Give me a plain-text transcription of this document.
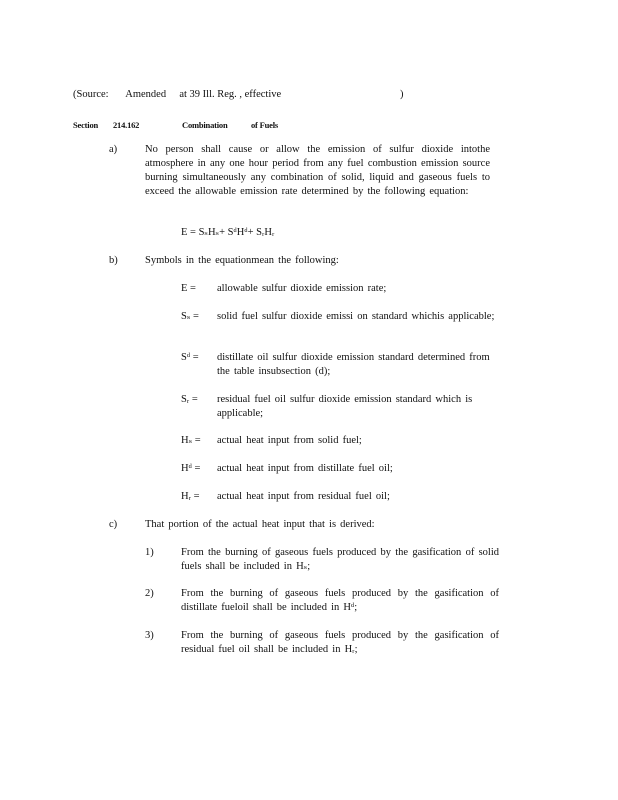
(Source: Amended at 39 Ill. Reg. , effective	)
Section 214.162	Combination	of Fuels
a)	No person shall cause or allow the emission of sulfur dioxide intothe atmosphere in any one hour period from any fuel combustion emission source burning simultaneously any combination of solid, liquid and gaseous fuels to exceed the allowable emission rate determined by the following equation:
E = SₛHₛ+ SᵈHᵈ+ SᵣHᵣ
b)	Symbols in the equationmean the following:
E = allowable sulfur dioxide emission rate;
Sₛ = solid fuel sulfur dioxide emissi on standard whichis applicable;
Sᵈ = distillate oil sulfur dioxide emission standard determined from the table insubsection (d);
Sᵣ = residual fuel oil sulfur dioxide emission standard which is applicable;
Hₛ = actual heat input from solid fuel;
Hᵈ = actual heat input from distillate fuel oil;
Hᵣ = actual heat input from residual fuel oil;
c)	That portion of the actual heat input that is derived:
1)	From the burning of gaseous fuels produced by the gasification of solid fuels shall be included in Hₛ;
2)	From the burning of gaseous fuels produced by the gasification of distillate fueloil shall be included in Hᵈ;
3)	From the burning of gaseous fuels produced by the gasification of residual fuel oil shall be included in Hᵣ;
